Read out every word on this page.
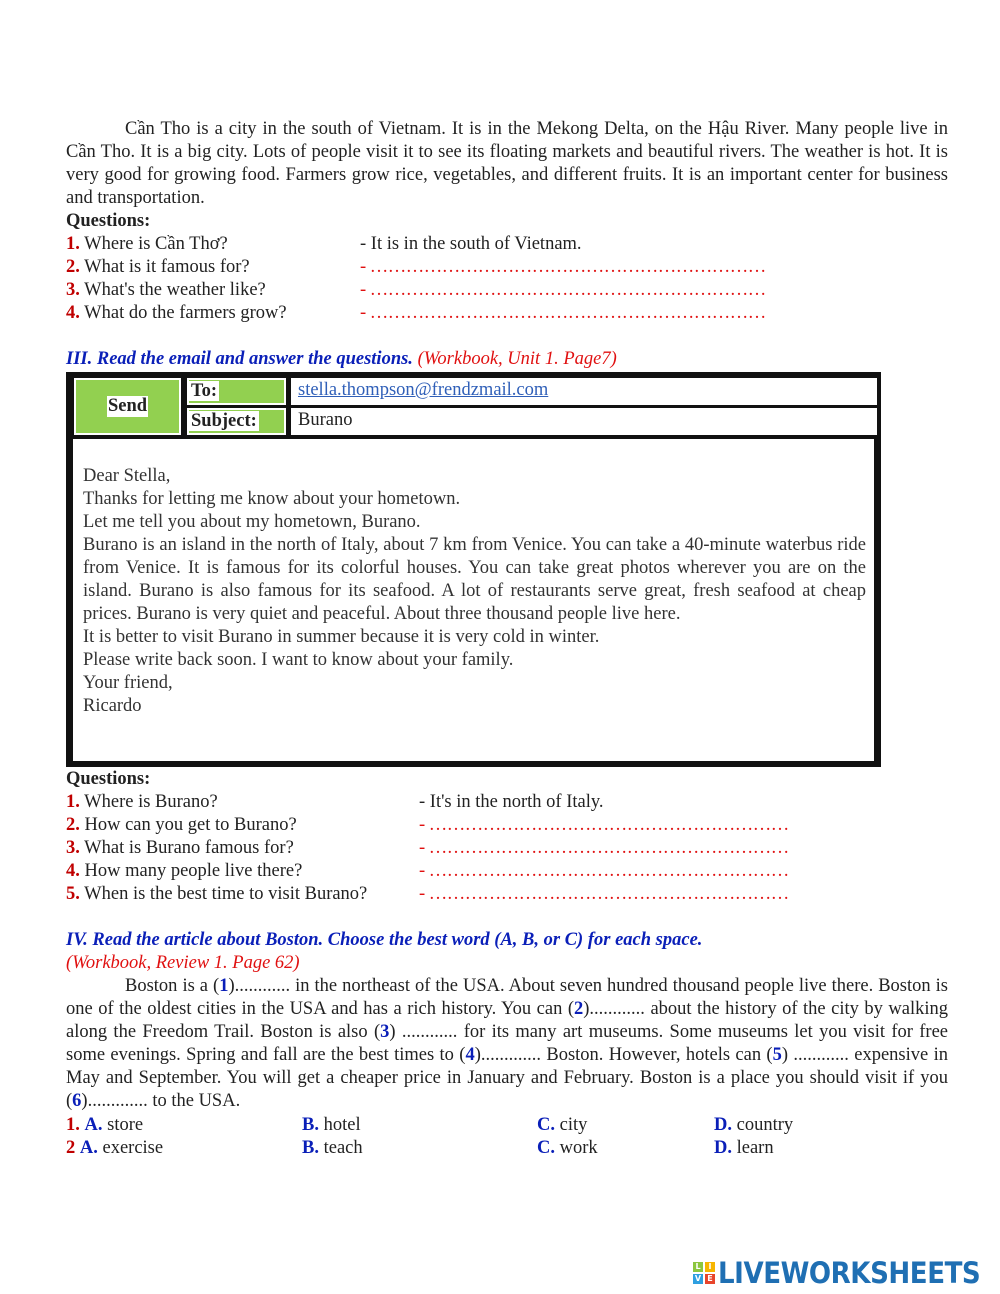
Cần Tho is a city in the south of Vietnam. It is in the Mekong Delta, on the Hậu River. Many people live in Cần Tho. It is a big city. Lots of people visit it to see its floating markets and beautiful rivers. The weather is hot. It is very good for growing food. Farmers grow rice, vegetables, and different fruits. It is an important center for business and transportation.
Questions:
1. Where is Cần Thơ?	- It is in the south of Vietnam.
2. What is it famous for?	- …………………………………………………………
3. What's the weather like?	- …………………………………………………………
4. What do the farmers grow?	- …………………………………………………………
III. Read the email and answer the questions. (Workbook, Unit 1. Page7)
Send
To:	stella.thompson@frendzmail.com
Subject:	Burano
Dear Stella,
Thanks for letting me know about your hometown.
Let me tell you about my hometown, Burano.
Burano is an island in the north of Italy, about 7 km from Venice. You can take a 40-minute waterbus ride from Venice. It is famous for its colorful houses. You can take great photos wherever you are on the island. Burano is also famous for its seafood. A lot of restaurants serve great, fresh seafood at cheap prices. Burano is very quiet and peaceful. About three thousand people live here.
It is better to visit Burano in summer because it is very cold in winter.
Please write back soon. I want to know about your family.
Your friend,
Ricardo
Questions:
1. Where is Burano?	- It's in the north of Italy.
2. How can you get to Burano?	- ……………………………………………………
3. What is Burano famous for?	- ……………………………………………………
4. How many people live there?	- ……………………………………………………
5. When is the best time to visit Burano?	- ……………………………………………………
IV. Read the article about Boston. Choose the best word (A, B, or C) for each space.
(Workbook, Review 1. Page 62)
Boston is a (1)............ in the northeast of the USA. About seven hundred thousand people live there. Boston is one of the oldest cities in the USA and has a rich history. You can (2)............ about the history of the city by walking along the Freedom Trail. Boston is also (3) ............ for its many art museums. Some museums let you visit for free some evenings. Spring and fall are the best times to (4)............. Boston. However, hotels can (5) ............ expensive in May and September. You will get a cheaper price in January and February. Boston is a place you should visit if you (6)............. to the USA.
1. A. store	B. hotel	C. city	D. country
2 A. exercise	B. teach	C. work	D. learn
L I
V E LIVEWORKSHEETS
